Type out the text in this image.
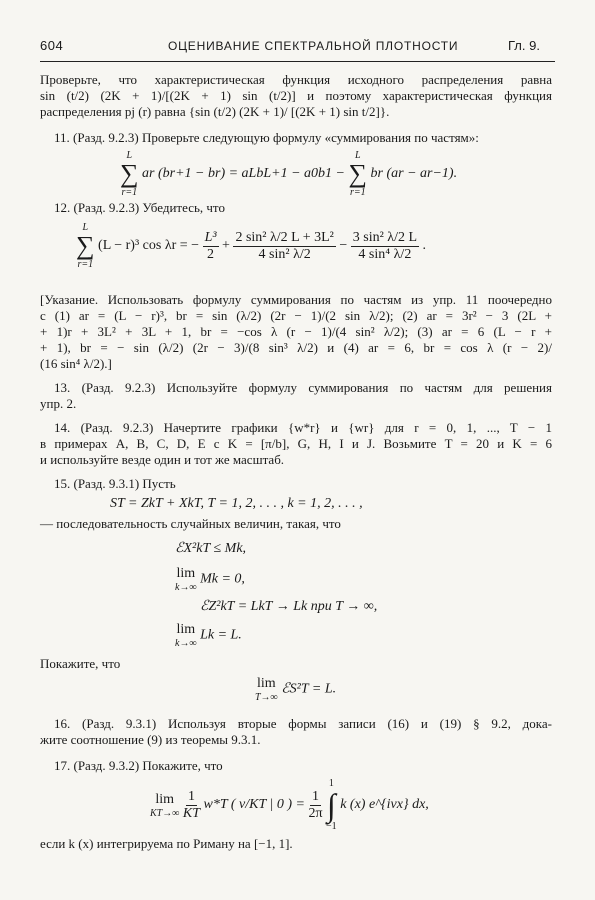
604	ОЦЕНИВАНИЕ СПЕКТРАЛЬНОЙ ПЛОТНОСТИ	Гл. 9.
Проверьте, что характеристическая функция исходного распределения равна
sin (t/2) (2K + 1)/[(2K + 1) sin (t/2)] и поэтому характеристическая функция
распределения pj (r) равна {sin (t/2) (2K + 1)/ [(2K + 1) sin t/2]}.
11. (Разд. 9.2.3) Проверьте следующую формулу «суммирования по частям»:
L
∑
r=1
ar (br+1 − br) = aLbL+1 − a0b1 −
L
∑
r=1
br (ar − ar−1).
12. (Разд. 9.2.3) Убедитесь, что
L
∑
r=1
(L − r)³ cos λr = − $\frac{\text{L³}}{2} + \frac{\text{2 sin² λ/2 L + 3L²}}{\text{4 sin² λ/2}} - \frac{\text{3 sin² λ/2 L}}{\text{4 sin⁴ λ/2}}$ .
[Указание. Использовать формулу суммирования по частям из упр. 11 поочередно
с (1) ar = (L − r)³, br = sin (λ/2) (2r − 1)/(2 sin λ/2); (2) ar = 3r² − 3 (2L +
+ 1)r + 3L² + 3L + 1, br = −cos λ (r − 1)/(4 sin² λ/2); (3) ar = 6 (L − r +
+ 1), br = − sin (λ/2) (2r − 3)/(8 sin³ λ/2) и (4) ar = 6, br = cos λ (r − 2)/
(16 sin⁴ λ/2).]
13. (Разд. 9.2.3) Используйте формулу суммирования по частям для решения
упр. 2.
14. (Разд. 9.2.3) Начертите графики {w*r} и {wr} для r = 0, 1, ..., T − 1
в примерах A, B, C, D, E с K = [π/b], G, H, I и J. Возьмите T = 20 и K = 6
и используйте везде один и тот же масштаб.
15. (Разд. 9.3.1) Пусть
ST = ZkT + XkT, T = 1, 2, . . . , k = 1, 2, . . . ,
— последовательность случайных величин, такая, что
ℰX²kT ≤ Mk,
lim
k→∞
Mk = 0,
ℰZ²kT = LkT → Lk при T → ∞,
lim
k→∞
Lk = L.
Покажите, что
lim
T→∞
ℰS²T = L.
16. (Разд. 9.3.1) Используя вторые формы записи (16) и (19) § 9.2, дока-
жите соотношение (9) из теоремы 9.3.1.
17. (Разд. 9.3.2) Покажите, что
lim
KT→∞
$\frac{1}{KT} w*T$ ( v/KT | 0 ) = $\frac{1}{2\pi}$

1
∫
−1
k (x) e^{ivx} dx,
если k (x) интегрируема по Риману на [−1, 1].
